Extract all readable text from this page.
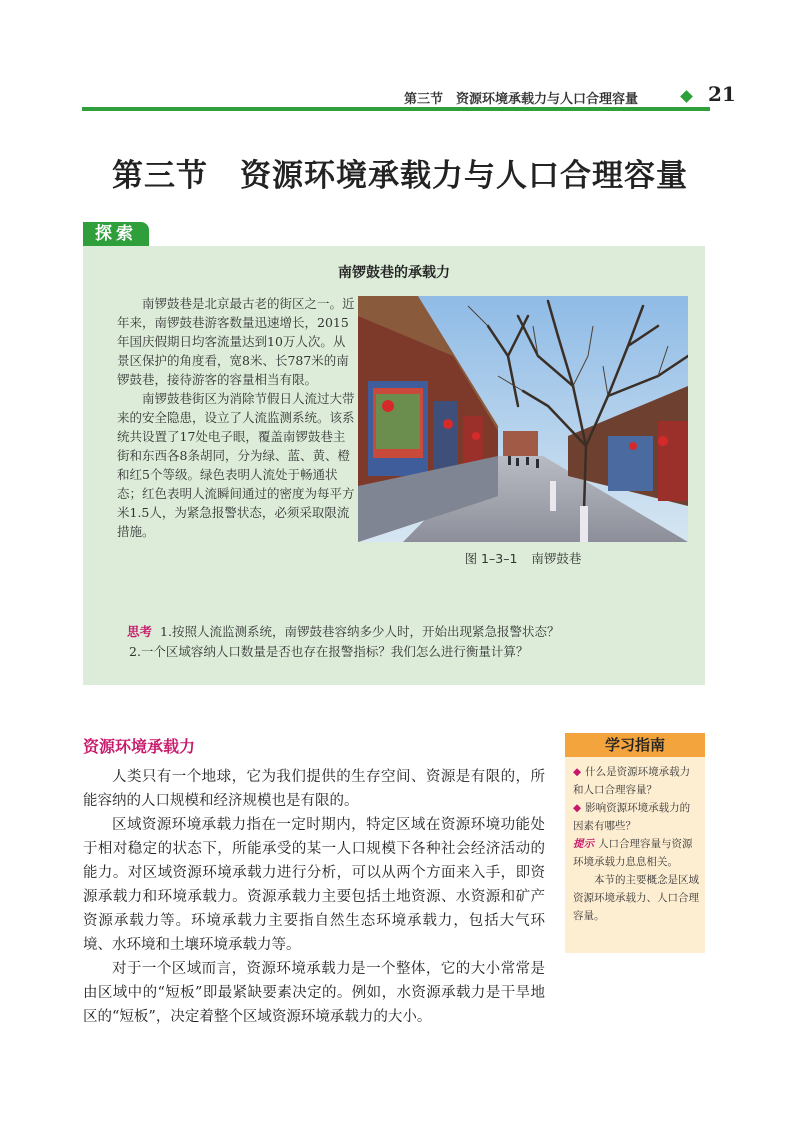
第三节　资源环境承载力与人口合理容量	21
第三节　资源环境承载力与人口合理容量
探索
南锣鼓巷的承载力

南锣鼓巷是北京最古老的街区之一。近年来，南锣鼓巷游客数量迅速增长，2015年国庆假期日均客流量达到10万人次。从景区保护的角度看，宽8米、长787米的南锣鼓巷，接待游客的容量相当有限。

南锣鼓巷街区为消除节假日人流过大带来的安全隐患，设立了人流监测系统。该系统共设置了17处电子眼，覆盖南锣鼓巷主街和东西各8条胡同，分为绿、蓝、黄、橙和红5个等级。绿色表明人流处于畅通状态；红色表明人流瞬间通过的密度为每平方米1.5人，为紧急报警状态，必须采取限流措施。

图 1–3–1 南锣鼓巷
思考 1.按照人流监测系统，南锣鼓巷容纳多少人时，开始出现紧急报警状态？
2.一个区域容纳人口数量是否也存在报警指标？我们怎么进行衡量计算？
资源环境承载力

人类只有一个地球，它为我们提供的生存空间、资源是有限的，所能容纳的人口规模和经济规模也是有限的。

区域资源环境承载力指在一定时期内，特定区域在资源环境功能处于相对稳定的状态下，所能承受的某一人口规模下各种社会经济活动的能力。对区域资源环境承载力进行分析，可以从两个方面来入手，即资源承载力和环境承载力。资源承载力主要包括土地资源、水资源和矿产资源承载力等。环境承载力主要指自然生态环境承载力，包括大气环境、水环境和土壤环境承载力等。

对于一个区域而言，资源环境承载力是一个整体，它的大小常常是由区域中的“短板”即最紧缺要素决定的。例如，水资源承载力是干旱地区的“短板”，决定着整个区域资源环境承载力的大小。

学习指南

◆ 什么是资源环境承载力和人口合理容量？

◆ 影响资源环境承载力的因素有哪些？

提示 人口合理容量与资源环境承载力息息相关。

本节的主要概念是区域资源环境承载力、人口合理容量。
